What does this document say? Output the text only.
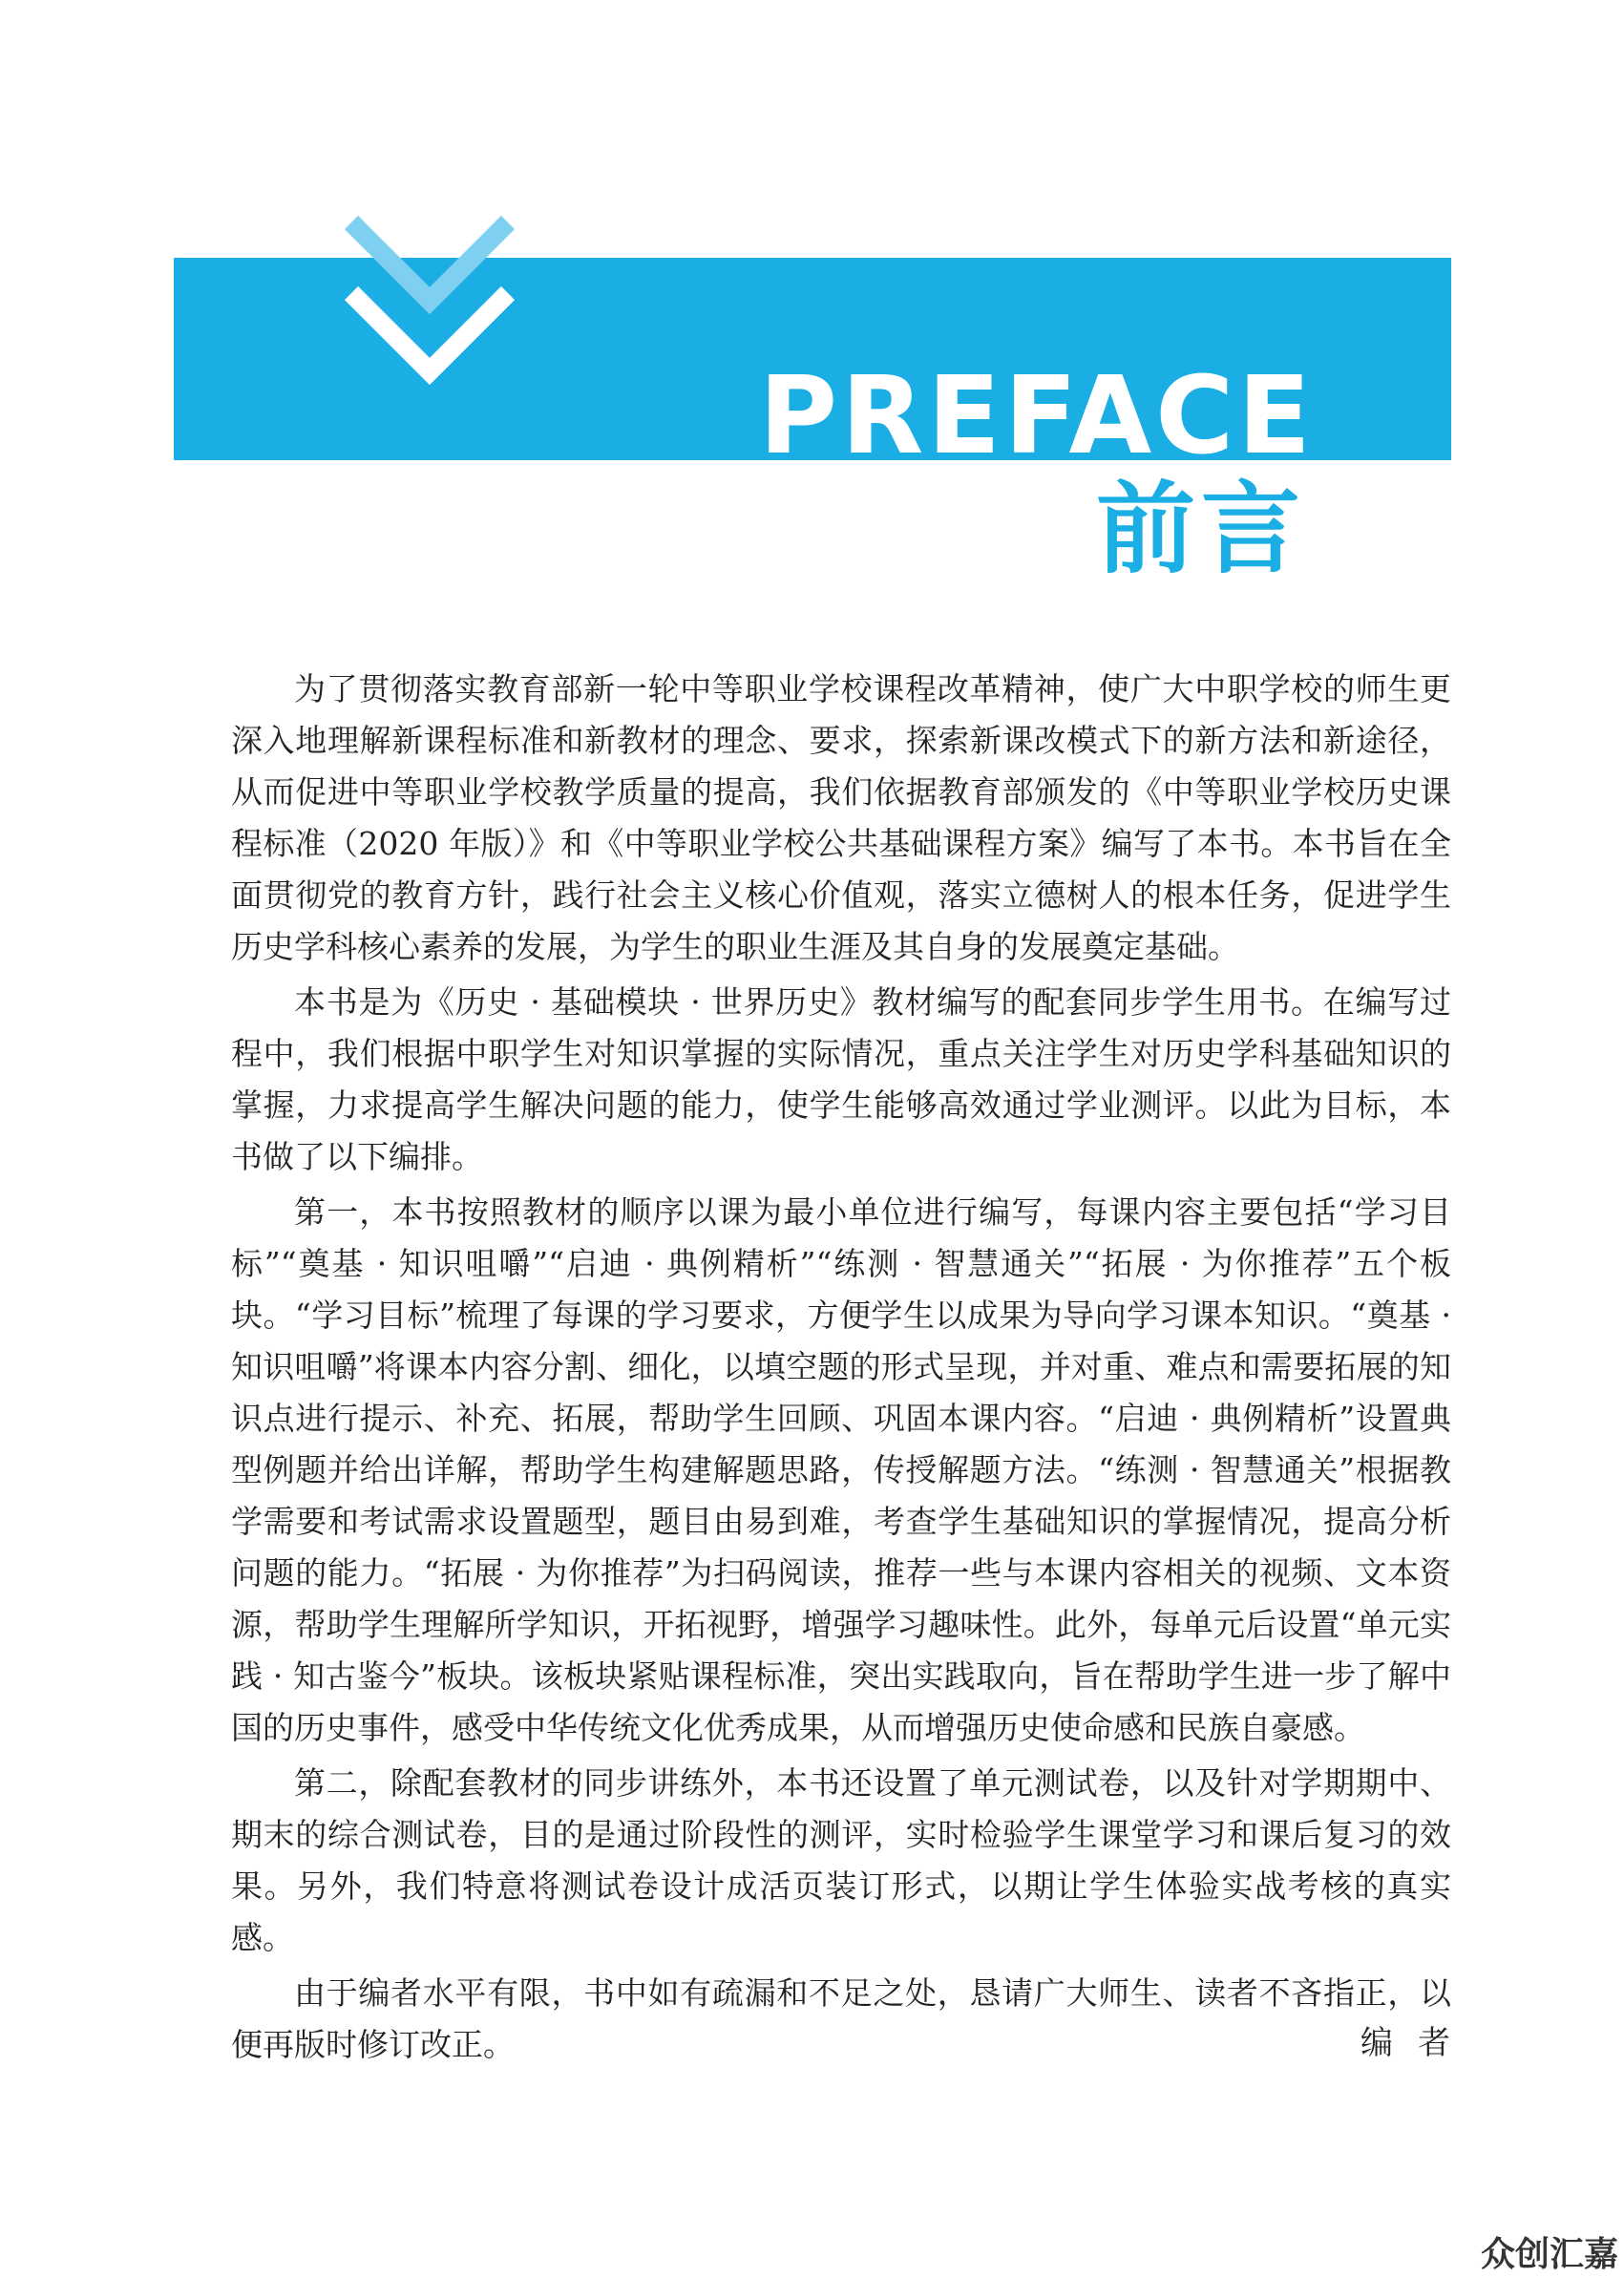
PREFACE
前言

为了贯彻落实教育部新一轮中等职业学校课程改革精神，使广大中职学校的师生更深入地理解新课程标准和新教材的理念、要求，探索新课改模式下的新方法和新途径，从而促进中等职业学校教学质量的提高，我们依据教育部颁发的《中等职业学校历史课程标准（2020 年版）》和《中等职业学校公共基础课程方案》编写了本书。本书旨在全面贯彻党的教育方针，践行社会主义核心价值观，落实立德树人的根本任务，促进学生历史学科核心素养的发展，为学生的职业生涯及其自身的发展奠定基础。

本书是为《历史 · 基础模块 · 世界历史》教材编写的配套同步学生用书。在编写过程中，我们根据中职学生对知识掌握的实际情况，重点关注学生对历史学科基础知识的掌握，力求提高学生解决问题的能力，使学生能够高效通过学业测评。以此为目标，本书做了以下编排。

第一，本书按照教材的顺序以课为最小单位进行编写，每课内容主要包括“学习目标”“奠基 · 知识咀嚼”“启迪 · 典例精析”“练测 · 智慧通关”“拓展 · 为你推荐”五个板块。“学习目标”梳理了每课的学习要求，方便学生以成果为导向学习课本知识。“奠基 · 知识咀嚼”将课本内容分割、细化，以填空题的形式呈现，并对重、难点和需要拓展的知识点进行提示、补充、拓展，帮助学生回顾、巩固本课内容。“启迪 · 典例精析”设置典型例题并给出详解，帮助学生构建解题思路，传授解题方法。“练测 · 智慧通关”根据教学需要和考试需求设置题型，题目由易到难，考查学生基础知识的掌握情况，提高分析问题的能力。“拓展 · 为你推荐”为扫码阅读，推荐一些与本课内容相关的视频、文本资源，帮助学生理解所学知识，开拓视野，增强学习趣味性。此外，每单元后设置“单元实践 · 知古鉴今”板块。该板块紧贴课程标准，突出实践取向，旨在帮助学生进一步了解中国的历史事件，感受中华传统文化优秀成果，从而增强历史使命感和民族自豪感。

第二，除配套教材的同步讲练外，本书还设置了单元测试卷，以及针对学期期中、期末的综合测试卷，目的是通过阶段性的测评，实时检验学生课堂学习和课后复习的效果。另外，我们特意将测试卷设计成活页装订形式，以期让学生体验实战考核的真实感。

由于编者水平有限，书中如有疏漏和不足之处，恳请广大师生、读者不吝指正，以便再版时修订改正。	编者
众创汇嘉
